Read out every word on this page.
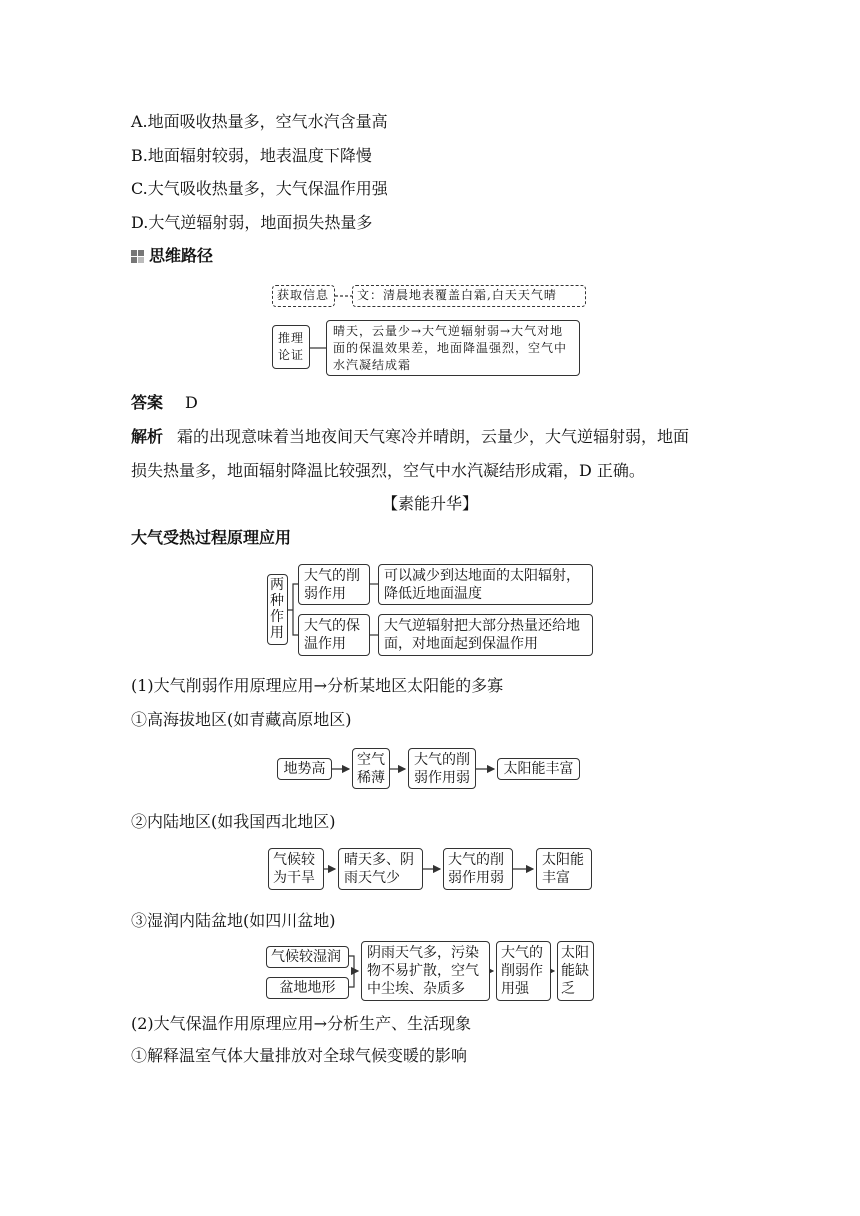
A.地面吸收热量多，空气水汽含量高
B.地面辐射较弱，地表温度下降慢
C.大气吸收热量多，大气保温作用强
D.大气逆辐射弱，地面损失热量多
思维路径
获取信息	文：清晨地表覆盖白霜,白天天气晴
推理论证
晴天，云量少→大气逆辐射弱→大气对地面的保温效果差，地面降温强烈，空气中水汽凝结成霜
答案 D
解析 霜的出现意味着当地夜间天气寒冷并晴朗，云量少，大气逆辐射弱，地面
损失热量多，地面辐射降温比较强烈，空气中水汽凝结形成霜，D 正确。
【素能升华】
大气受热过程原理应用
两种作用
大气的削弱作用
可以减少到达地面的太阳辐射，降低近地面温度
大气的保温作用
大气逆辐射把大部分热量还给地面，对地面起到保温作用
(1)大气削弱作用原理应用→分析某地区太阳能的多寡
①高海拔地区(如青藏高原地区)
地势高
空气稀薄
大气的削弱作用弱
太阳能丰富
②内陆地区(如我国西北地区)
气候较为干旱
晴天多、阴雨天气少
大气的削弱作用弱
太阳能丰富
③湿润内陆盆地(如四川盆地)
气候较湿润
盆地地形
阴雨天气多，污染物不易扩散，空气中尘埃、杂质多
大气的削弱作用强
太阳能缺乏
(2)大气保温作用原理应用→分析生产、生活现象
①解释温室气体大量排放对全球气候变暖的影响
